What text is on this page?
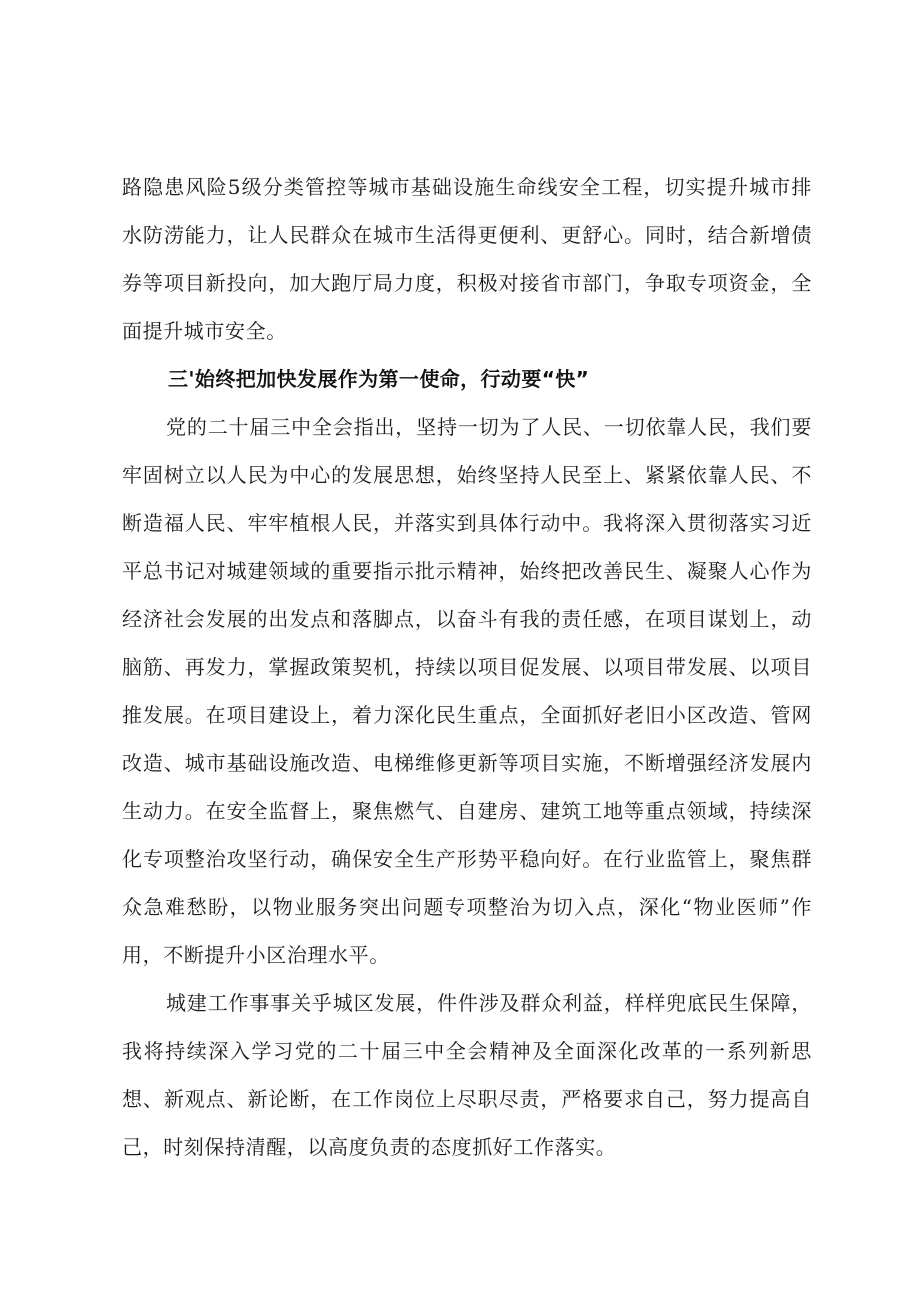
路隐患风险5级分类管控等城市基础设施生命线安全工程，切实提升城市排水防涝能力，让人民群众在城市生活得更便利、更舒心。同时，结合新增债券等项目新投向，加大跑厅局力度，积极对接省市部门，争取专项资金，全面提升城市安全。

三'始终把加快发展作为第一使命，行动要“快”

党的二十届三中全会指出，坚持一切为了人民、一切依靠人民，我们要牢固树立以人民为中心的发展思想，始终坚持人民至上、紧紧依靠人民、不断造福人民、牢牢植根人民，并落实到具体行动中。我将深入贯彻落实习近平总书记对城建领域的重要指示批示精神，始终把改善民生、凝聚人心作为经济社会发展的出发点和落脚点，以奋斗有我的责任感，在项目谋划上，动脑筋、再发力，掌握政策契机，持续以项目促发展、以项目带发展、以项目推发展。在项目建设上，着力深化民生重点，全面抓好老旧小区改造、管网改造、城市基础设施改造、电梯维修更新等项目实施，不断增强经济发展内生动力。在安全监督上，聚焦燃气、自建房、建筑工地等重点领域，持续深化专项整治攻坚行动，确保安全生产形势平稳向好。在行业监管上，聚焦群众急难愁盼，以物业服务突出问题专项整治为切入点，深化“物业医师”作用，不断提升小区治理水平。

城建工作事事关乎城区发展，件件涉及群众利益，样样兜底民生保障，我将持续深入学习党的二十届三中全会精神及全面深化改革的一系列新思想、新观点、新论断，在工作岗位上尽职尽责，严格要求自己，努力提高自己，时刻保持清醒，以高度负责的态度抓好工作落实。
